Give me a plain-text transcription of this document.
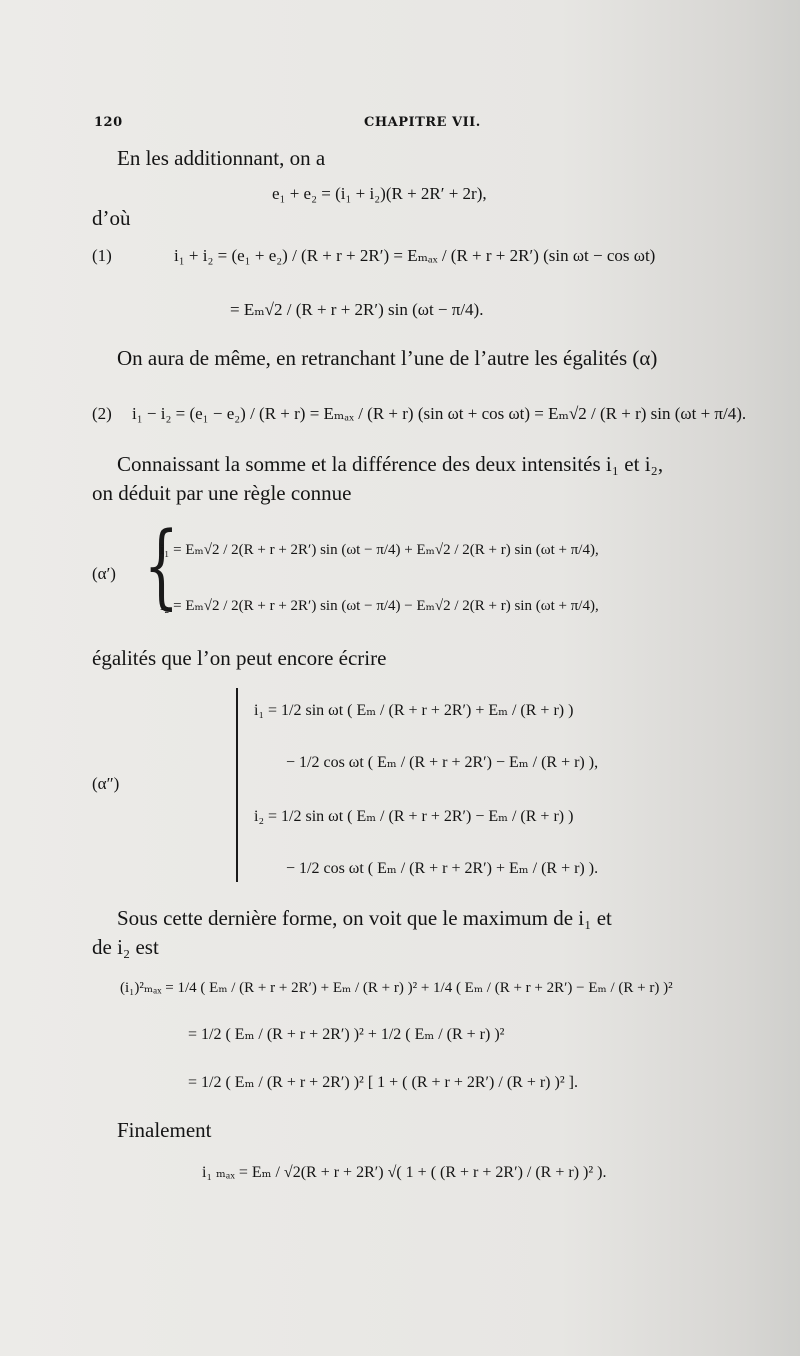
120	CHAPITRE VII.
En les additionnant, on a
e₁ + e₂ = (i₁ + i₂)(R + 2R′ + 2r),
d’où
(1)	i₁ + i₂ = (e₁ + e₂) / (R + r + 2R′) = Eₘₐₓ / (R + r + 2R′) (sin ωt − cos ωt)
= Eₘ√2 / (R + r + 2R′) sin (ωt − π/4).
On aura de même, en retranchant l’une de l’autre les égalités (α)
(2) i₁ − i₂ = (e₁ − e₂) / (R + r) = Eₘₐₓ / (R + r) (sin ωt + cos ωt) = Eₘ√2 / (R + r) sin (ωt + π/4).
Connaissant la somme et la différence des deux intensités i₁ et i₂,
on déduit par une règle connue
(α′) {
i₁ = Eₘ√2 / 2(R + r + 2R′) sin (ωt − π/4) + Eₘ√2 / 2(R + r) sin (ωt + π/4),
i₂ = Eₘ√2 / 2(R + r + 2R′) sin (ωt − π/4) − Eₘ√2 / 2(R + r) sin (ωt + π/4),
égalités que l’on peut encore écrire
(α″)
i₁ = 1/2 sin ωt ( Eₘ / (R + r + 2R′) + Eₘ / (R + r) )
− 1/2 cos ωt ( Eₘ / (R + r + 2R′) − Eₘ / (R + r) ),
i₂ = 1/2 sin ωt ( Eₘ / (R + r + 2R′) − Eₘ / (R + r) )
− 1/2 cos ωt ( Eₘ / (R + r + 2R′) + Eₘ / (R + r) ).
Sous cette dernière forme, on voit que le maximum de i₁ et
de i₂ est
(i₁)²ₘₐₓ = 1/4 ( Eₘ / (R + r + 2R′) + Eₘ / (R + r) )² + 1/4 ( Eₘ / (R + r + 2R′) − Eₘ / (R + r) )²
= 1/2 ( Eₘ / (R + r + 2R′) )² + 1/2 ( Eₘ / (R + r) )²
= 1/2 ( Eₘ / (R + r + 2R′) )² [ 1 + ( (R + r + 2R′) / (R + r) )² ].
Finalement
i₁ ₘₐₓ = Eₘ / √2(R + r + 2R′) √( 1 + ( (R + r + 2R′) / (R + r) )² ).
